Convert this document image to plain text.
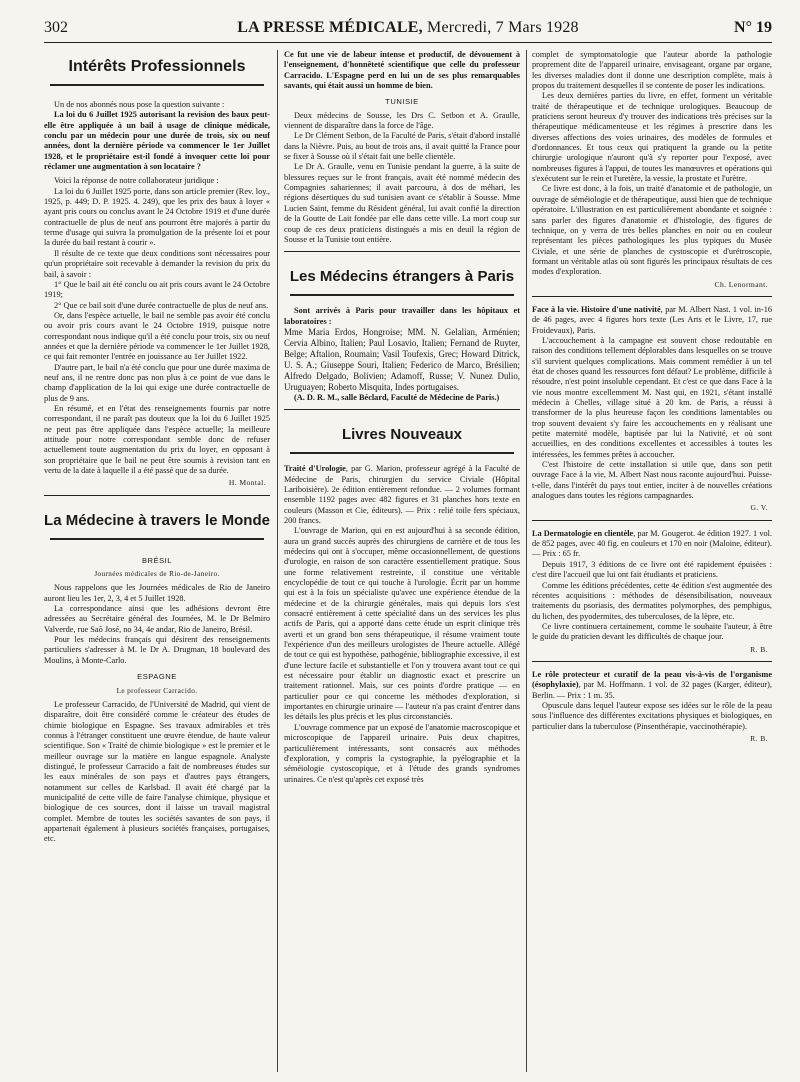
302	LA PRESSE MÉDICALE, Mercredi, 7 Mars 1928	N° 19
Intérêts Professionnels

Un de nos abonnés nous pose la question suivante :

La loi du 6 Juillet 1925 autorisant la revision des baux peut-elle être appliquée à un bail à usage de clinique médicale, conclu par un médecin pour une durée de trois, six ou neuf années, dont la dernière période va commencer le 1er Juillet 1928, et le propriétaire est-il fondé à invoquer cette loi pour réclamer une augmentation à son locataire ?

Voici la réponse de notre collaborateur juridique :

La loi du 6 Juillet 1925 porte, dans son article premier (Rev. loy., 1925, p. 449; D. P. 1925. 4. 249), que les prix des baux à loyer « ayant pris cours ou conclus avant le 24 Octobre 1919 et d'une durée contractuelle de plus de neuf ans pourront être majorés à partir du terme d'usage qui suivra la promulgation de la présente loi et pour la durée du bail restant à courir ».

Il résulte de ce texte que deux conditions sont nécessaires pour qu'un propriétaire soit recevable à demander la revision du prix du bail, à savoir :

1° Que le bail ait été conclu ou ait pris cours avant le 24 Octobre 1919;

2° Que ce bail soit d'une durée contractuelle de plus de neuf ans.

Or, dans l'espèce actuelle, le bail ne semble pas avoir été conclu ou avoir pris cours avant le 24 Octobre 1919, puisque notre correspondant nous indique qu'il a été conclu pour trois, six ou neuf années et que la dernière période va commencer le 1er Juillet 1928, ce qui fait remonter l'entrée en jouissance au 1er Juillet 1922.

D'autre part, le bail n'a été conclu que pour une durée maxima de neuf ans, il ne rentre donc pas non plus à ce point de vue dans le champ d'application de la loi qui exige une durée contractuelle de plus de 9 ans.

En résumé, et en l'état des renseignements fournis par notre correspondant, il ne paraît pas douteux que la loi du 6 Juillet 1925 ne peut pas être appliquée dans l'espèce actuelle; la meilleure attitude pour notre correspondant semble donc de refuser actuellement toute augmentation du prix du loyer, en opposant à son propriétaire que le bail ne peut être soumis à revision tant en vertu de la date à laquelle il a été passé que de sa durée.

H. Montal.
La Médecine à travers le Monde
BRÉSIL
Journées médicales de Rio-de-Janeiro.

Nous rappelons que les Journées médicales de Rio de Janeiro auront lieu les 1er, 2, 3, 4 et 5 Juillet 1928.

La correspondance ainsi que les adhésions devront être adressées au Secrétaire général des Journées, M. le Dr Belmiro Valverde, rue Saõ José, no 34, 4e andar, Rio de Janeiro, Brésil.

Pour les médecins français qui désirent des renseignements particuliers s'adresser à M. le Dr A. Drugman, 18 boulevard des Moulins, à Monte-Carlo.

ESPAGNE
Le professeur Carracido.

Le professeur Carracido, de l'Université de Madrid, qui vient de disparaître, doit être considéré comme le créateur des études de chimie biologique en Espagne. Ses travaux admirables et très connus à l'étranger constituent une œuvre étendue, de haute valeur scientifique. Son « Traité de chimie biologique » est le premier et le meilleur ouvrage sur la matière en langue espagnole. Analyste distingué, le professeur Carracido a fait de nombreuses études sur les eaux minérales de son pays et d'autres pays étrangers, notamment sur celles de Karlsbad. Il avait été chargé par la municipalité de cette ville de faire l'analyse chimique, physique et biologique de ces sources, dont il laisse un travail magistral complet. Membre de toutes les sociétés savantes de son pays, il appartenait également à plusieurs sociétés françaises, portugaises, etc.

Ce fut une vie de labeur intense et productif, de dévouement à l'enseignement, d'honnêteté scientifique que celle du professeur Carracido. L'Espagne perd en lui un de ses plus remarquables savants, qui était aussi un homme de bien.

TUNISIE

Deux médecins de Sousse, les Drs C. Setbon et A. Graulle, viennent de disparaître dans la force de l'âge.

Le Dr Clément Setbon, de la Faculté de Paris, s'était d'abord installé dans la Nièvre. Puis, au bout de trois ans, il avait quitté la France pour se fixer à Sousse où il s'était fait une belle clientèle.

Le Dr A. Graulle, venu en Tunisie pendant la guerre, à la suite de blessures reçues sur le front français, avait été nommé médecin des Compagnies sahariennes; il avait parcouru, à dos de méhari, les régions désertiques du sud tunisien avant ce s'établir à Sousse. Mme Lucien Saint, femme du Résident général, lui avait confié la direction de la Goutte de Lait fondée par elle dans cette ville. La mort coup sur coup de ces deux praticiens distingués a mis en deuil la région de Sousse et la Tunisie tout entière.

Les Médecins étrangers à Paris

Sont arrivés à Paris pour travailler dans les hôpitaux et laboratoires :

Mme Maria Erdos, Hongroise; MM. N. Gelalian, Arménien; Cervia Albino, Italien; Paul Losavio, Italien; Fernand de Ruyter, Belge; Aftalion, Roumain; Vasil Toufexis, Grec; Howard Ditrick, U. S. A.; Giuseppe Souri, Italien; Federico de Marco, Brésilien; Alfredo Delgado, Bolivien; Adamoff, Russe; V. Nunez Dulio, Uruguayen; Roberto Misquita, Indes portugaises.

(A. D. R. M., salle Béclard, Faculté de Médecine de Paris.)

Livres Nouveaux

Traité d'Urologie, par G. Marion, professeur agrégé à la Faculté de Médecine de Paris, chirurgien du service Civiale (Hôpital Lariboisière). 2e édition entièrement refondue. — 2 volumes formant ensemble 1192 pages avec 482 figures et 31 planches hors texte en couleurs (Masson et Cie, éditeurs). — Prix : relié toile fers spéciaux, 200 francs.

L'ouvrage de Marion, qui en est aujourd'hui à sa seconde édition, aura un grand succès auprès des chirurgiens de carrière et de tous les médecins qui ont à s'occuper, même occasionnellement, de questions d'urologie, en raison de son caractère essentiellement pratique. Sous une forme relativement restreinte, il constitue une véritable encyclopédie de tout ce qui touche à l'urologie. Écrit par un homme qui est à la fois un spécialiste qu'avec une expérience étendue de la médecine et de la chirurgie générales, mais qui depuis lors s'est consacré entièrement à cette spécialité dans un des services les plus actifs de Paris, qui a apporté dans cette étude un esprit clinique très averti et un grand bon sens thérapeutique, il résume vraiment toute l'expérience d'un des meilleurs urologistes de l'heure actuelle. Allégé de tout ce qui est hypothèse, pathogénie, bibliographie excessive, il est d'une lecture facile et substantielle et l'on y trouvera avant tout ce qui est nécessaire pour établir un diagnostic exact et prescrire un traitement rationnel. Mais, sur ces points d'ordre pratique — en particulier pour ce qui concerne les méthodes d'exploration, si importantes en chirurgie urinaire — l'auteur n'a pas craint d'entrer dans les détails les plus précis et les plus circonstanciés.

L'ouvrage commence par un exposé de l'anatomie macroscopique et microscopique de l'appareil urinaire. Puis deux chapitres, particulièrement intéressants, sont consacrés aux méthodes d'exploration, y compris la cystographie, la pyélographie et la séméiologie cystoscopique, et à l'étude des grands syndromes urinaires. Ce n'est qu'après cet exposé très

complet de symptomatologie que l'auteur aborde la pathologie proprement dite de l'appareil urinaire, envisageant, organe par organe, les diverses maladies dont il donne une description complète, mais à propos du traitement desquelles il se contente de poser les indications.

Les deux dernières parties du livre, en effet, forment un véritable traité de thérapeutique et de technique urologiques. Beaucoup de praticiens seront heureux d'y trouver des indications très précises sur la thérapeutique médicamenteuse et les régimes à prescrire dans les diverses affections des voies urinaires, des modèles de formules et d'ordonnances. Et tous ceux qui pratiquent la grande ou la petite chirurgie urologique n'auront qu'à s'y reporter pour l'exposé, avec nombreuses figures à l'appui, de toutes les manœuvres et opérations qui s'exécutent sur le rein et l'uretère, la vessie, la prostate et l'urètre.

Ce livre est donc, à la fois, un traité d'anatomie et de pathologie, un ouvrage de séméiologie et de thérapeutique, aussi bien que de technique opératoire. L'illustration en est particulièrement abondante et soignée : sans parler des figures d'anatomie et d'histologie, des figures de technique, on y verra de très belles planches en noir ou en couleur représentant les pièces pathologiques les plus typiques du Musée Civiale, et une série de planches de cystoscopie et d'urétroscopie, formant un véritable atlas où sont figurés les principaux résultats de ces modes d'exploration.

Ch. Lenormant.

Face à la vie. Histoire d'une nativité, par M. Albert Nast. 1 vol. in-16 de 46 pages, avec 4 figures hors texte (Les Arts et le Livre, 17, rue Froidevaux), Paris.

L'accouchement à la campagne est souvent chose redoutable en raison des conditions tellement déplorables dans lesquelles on se trouve s'il survient quelques complications. Mais comment remédier à un tel état de choses quand les ressources font défaut? Le problème, difficile à résoudre, n'est point insoluble cependant. Et c'est ce que dans Face à la vie nous montre excellemment M. Nast qui, en 1921, s'étant installé médecin à Chelles, village situé à 20 km. de Paris, a réussi à transformer de la plus heureuse façon les conditions lamentables ou trop souvent devaient s'y faire les accouchements en y réalisant une petite maternité modèle, baptisée par lui la Nativité, et où sont accueillies, en des conditions excellentes et accessibles à toutes les intéressées, les femmes prêtes à accoucher.

C'est l'histoire de cette installation si utile que, dans son petit ouvrage Face à la vie, M. Albert Nast nous raconte aujourd'hui. Puisse-t-elle, dans l'intérêt du pays tout entier, inciter à de nouvelles créations analogues dans toutes les régions campagnardes.

G. V.

La Dermatologie en clientèle, par M. Gougerot. 4e édition 1927. 1 vol. de 852 pages, avec 40 fig. en couleurs et 170 en noir (Maloine, éditeur). — Prix : 65 fr.

Depuis 1917, 3 éditions de ce livre ont été rapidement épuisées : c'est dire l'accueil que lui ont fait étudiants et praticiens.

Comme les éditions précédentes, cette 4e édition s'est augmentée des récentes acquisitions : méthodes de désensibilisation, nouveaux traitements du psoriasis, des dermatites polymorphes, des pemphigus, du lichen, des pyodermites, des tuberculoses, de la lèpre, etc.

Ce livre continuera certainement, comme le souhaite l'auteur, à être le guide du praticien devant les difficultés de chaque jour.

R. B.

Le rôle protecteur et curatif de la peau vis-à-vis de l'organisme (ésophylaxie), par M. Hoffmann. 1 vol. de 32 pages (Karger, éditeur), Berlin. — Prix : 1 m. 35.

Opuscule dans lequel l'auteur expose ses idées sur le rôle de la peau sous l'influence des différentes excitations physiques et biologiques, en particulier dans la tuberculose (Pinsenthérapie, vaccinothérapie).

R. B.
